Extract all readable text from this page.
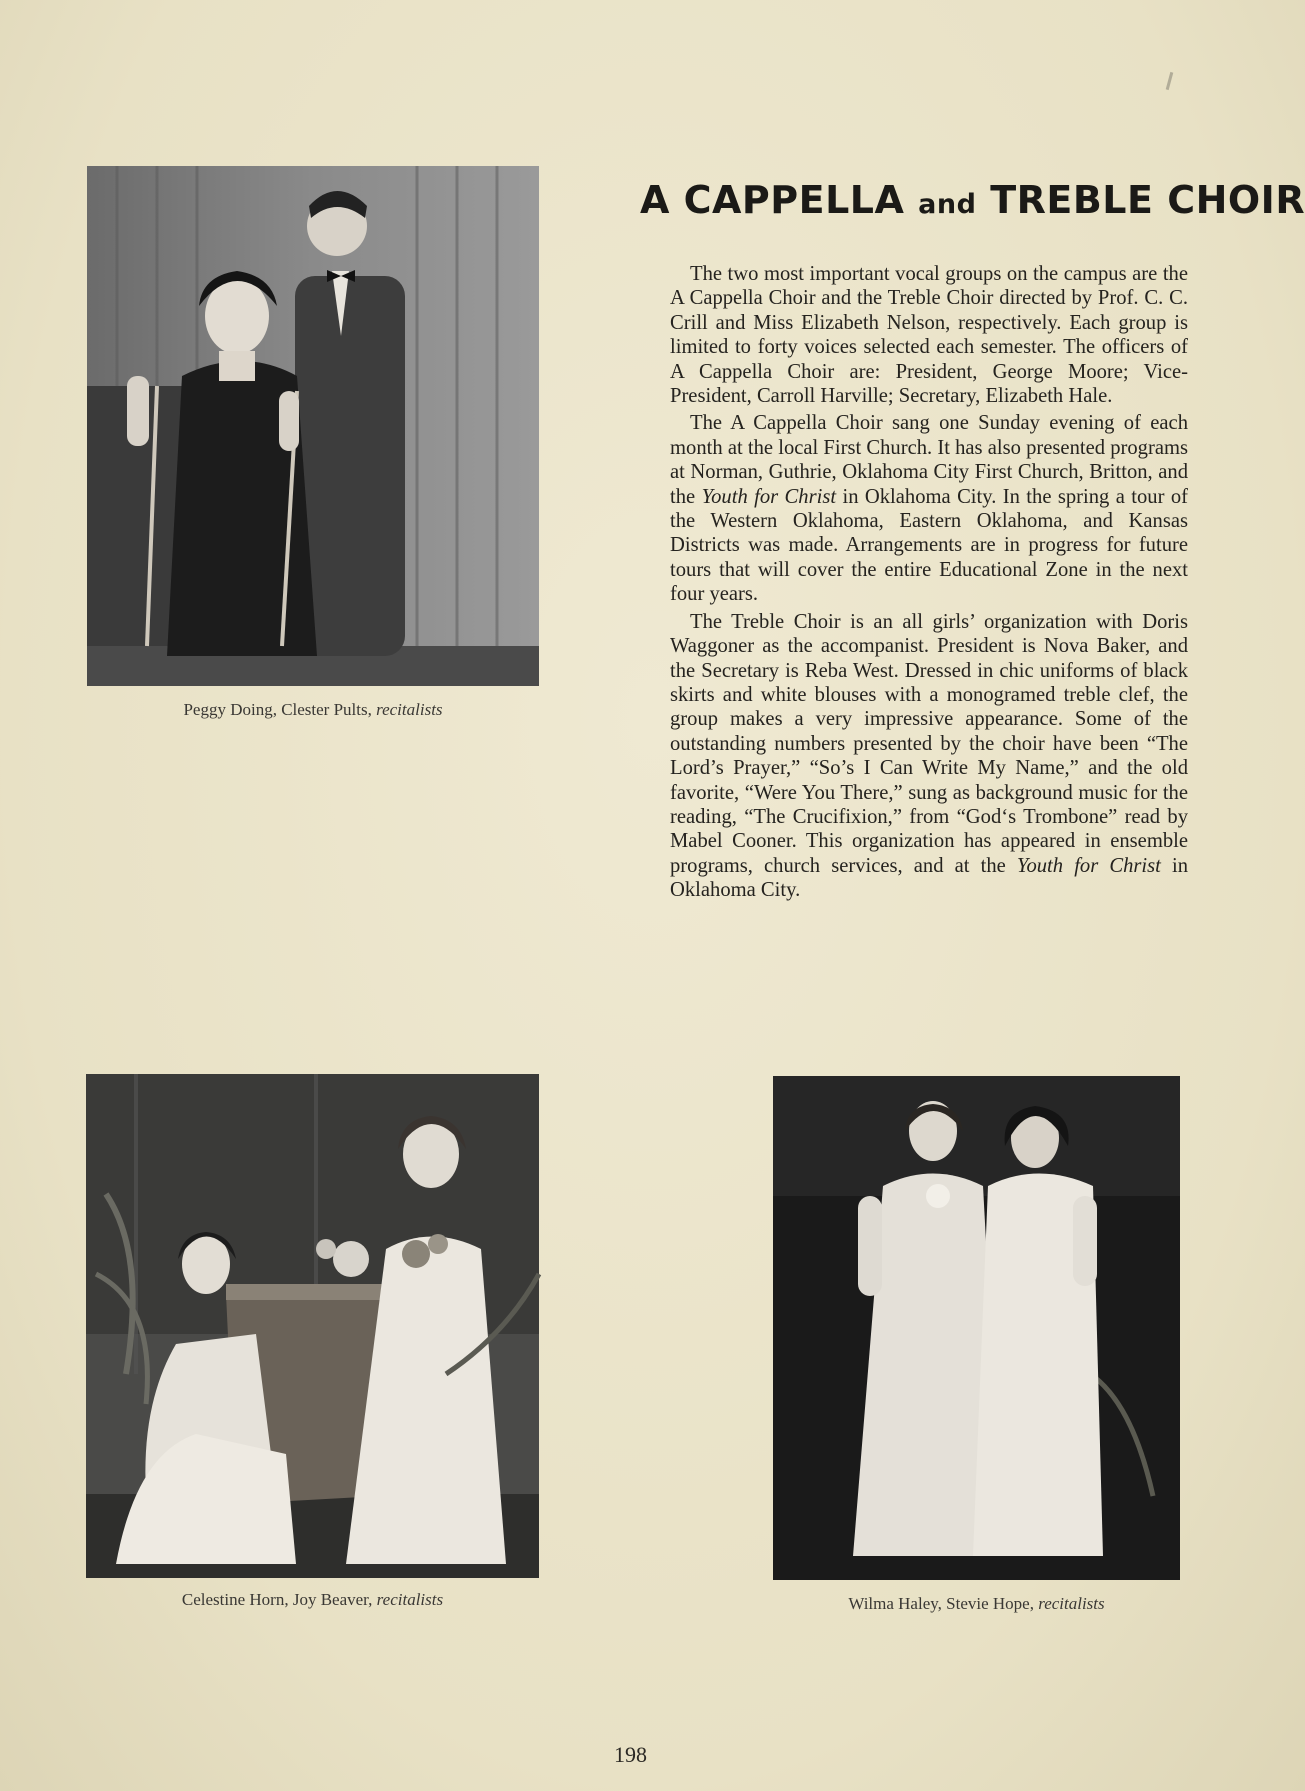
Peggy Doing, Clester Pults, recitalists
A CAPPELLA and TREBLE CHOIR

The two most important vocal groups on the campus are the A Cappella Choir and the Treble Choir directed by Prof. C. C. Crill and Miss Elizabeth Nelson, respectively. Each group is limited to forty voices selected each semester. The officers of A Cappella Choir are: President, George Moore; Vice-President, Carroll Harville; Secretary, Elizabeth Hale.

The A Cappella Choir sang one Sunday evening of each month at the local First Church. It has also presented programs at Norman, Guthrie, Oklahoma City First Church, Britton, and the Youth for Christ in Oklahoma City. In the spring a tour of the Western Oklahoma, Eastern Oklahoma, and Kansas Districts was made. Arrangements are in progress for future tours that will cover the entire Educational Zone in the next four years.

The Treble Choir is an all girls’ organization with Doris Waggoner as the accompanist. President is Nova Baker, and the Secretary is Reba West. Dressed in chic uniforms of black skirts and white blouses with a monogramed treble clef, the group makes a very impressive appearance. Some of the outstanding numbers presented by the choir have been “The Lord’s Prayer,” “So’s I Can Write My Name,” and the old favorite, “Were You There,” sung as background music for the reading, “The Crucifixion,” from “God‘s Trombone” read by Mabel Cooner. This organization has appeared in ensemble programs, church services, and at the Youth for Christ in Oklahoma City.

Celestine Horn, Joy Beaver, recitalists	Wilma Haley, Stevie Hope, recitalists
198
